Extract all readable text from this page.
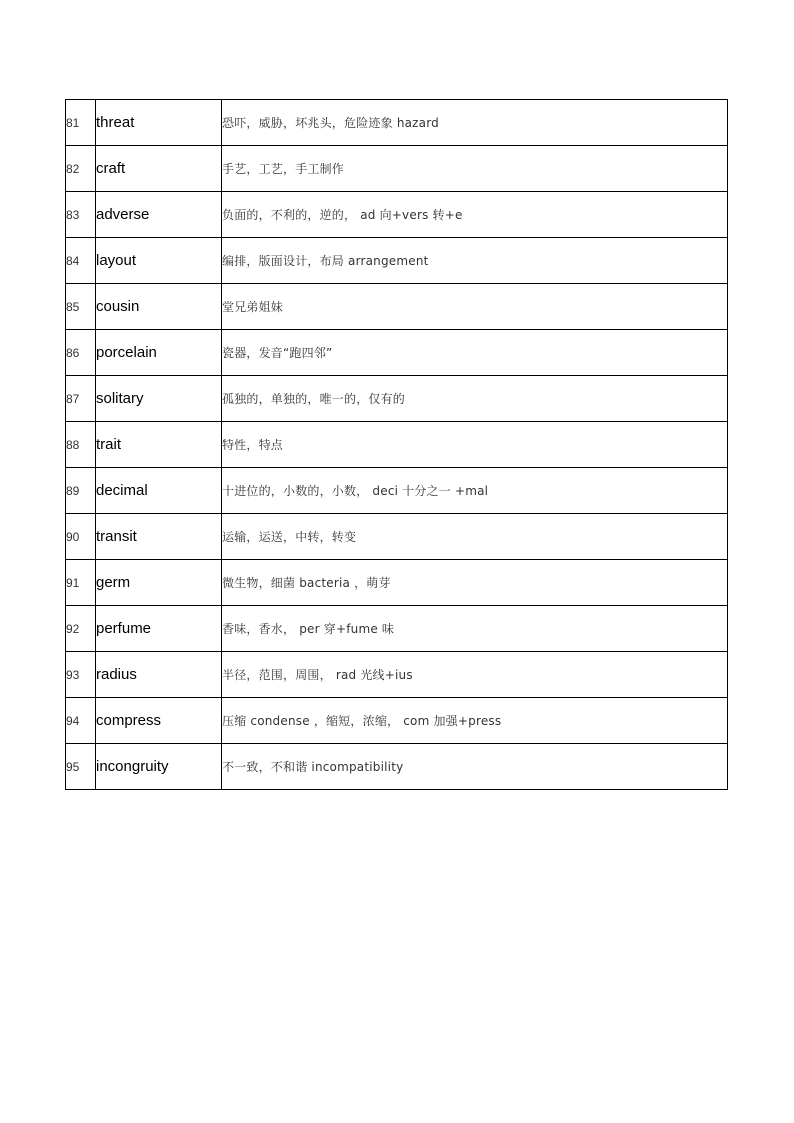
81	threat	恐吓，威胁，坏兆头，危险迹象 hazard
82	craft	手艺，工艺，手工制作
83	adverse	负面的，不利的，逆的， ad 向+vers 转+e
84	layout	编排，版面设计，布局 arrangement
85	cousin	堂兄弟姐妹
86	porcelain	瓷器，发音“跑四邻”
87	solitary	孤独的，单独的，唯一的，仅有的
88	trait	特性，特点
89	decimal	十进位的，小数的，小数， deci 十分之一 +mal
90	transit	运输，运送，中转，转变
91	germ	微生物，细菌 bacteria ，萌芽
92	perfume	香味，香水， per 穿+fume 味
93	radius	半径，范围，周围， rad 光线+ius
94	compress	压缩 condense ，缩短，浓缩， com 加强+press
95	incongruity	不一致，不和谐 incompatibility
